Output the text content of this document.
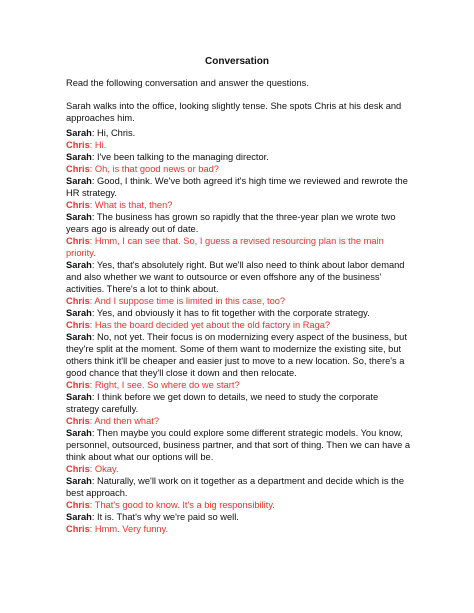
Conversation
Read the following conversation and answer the questions.
Sarah walks into the office, looking slightly tense. She spots Chris at his desk and approaches him.

Sarah: Hi, Chris.

Chris: Hi.

Sarah: I've been talking to the managing director.

Chris: Oh, is that good news or bad?

Sarah: Good, I think. We've both agreed it's high time we reviewed and rewrote the HR strategy.

Chris: What is that, then?

Sarah: The business has grown so rapidly that the three-year plan we wrote two years ago is already out of date.

Chris: Hmm, I can see that. So, I guess a revised resourcing plan is the main priority.

Sarah: Yes, that's absolutely right. But we'll also need to think about labor demand and also whether we want to outsource or even offshore any of the business' activities. There's a lot to think about.

Chris: And I suppose time is limited in this case, too?

Sarah: Yes, and obviously it has to fit together with the corporate strategy.

Chris: Has the board decided yet about the old factory in Raga?

Sarah: No, not yet. Their focus is on modernizing every aspect of the business, but they're split at the moment. Some of them want to modernize the existing site, but others think it'll be cheaper and easier just to move to a new location. So, there's a good chance that they'll close it down and then relocate.

Chris: Right, I see. So where do we start?

Sarah: I think before we get down to details, we need to study the corporate strategy carefully.

Chris: And then what?

Sarah: Then maybe you could explore some different strategic models. You know, personnel, outsourced, business partner, and that sort of thing. Then we can have a think about what our options will be.

Chris: Okay.

Sarah: Naturally, we'll work on it together as a department and decide which is the best approach.

Chris: That's good to know. It's a big responsibility.

Sarah: It is. That's why we're paid so well.

Chris: Hmm. Very funny.
